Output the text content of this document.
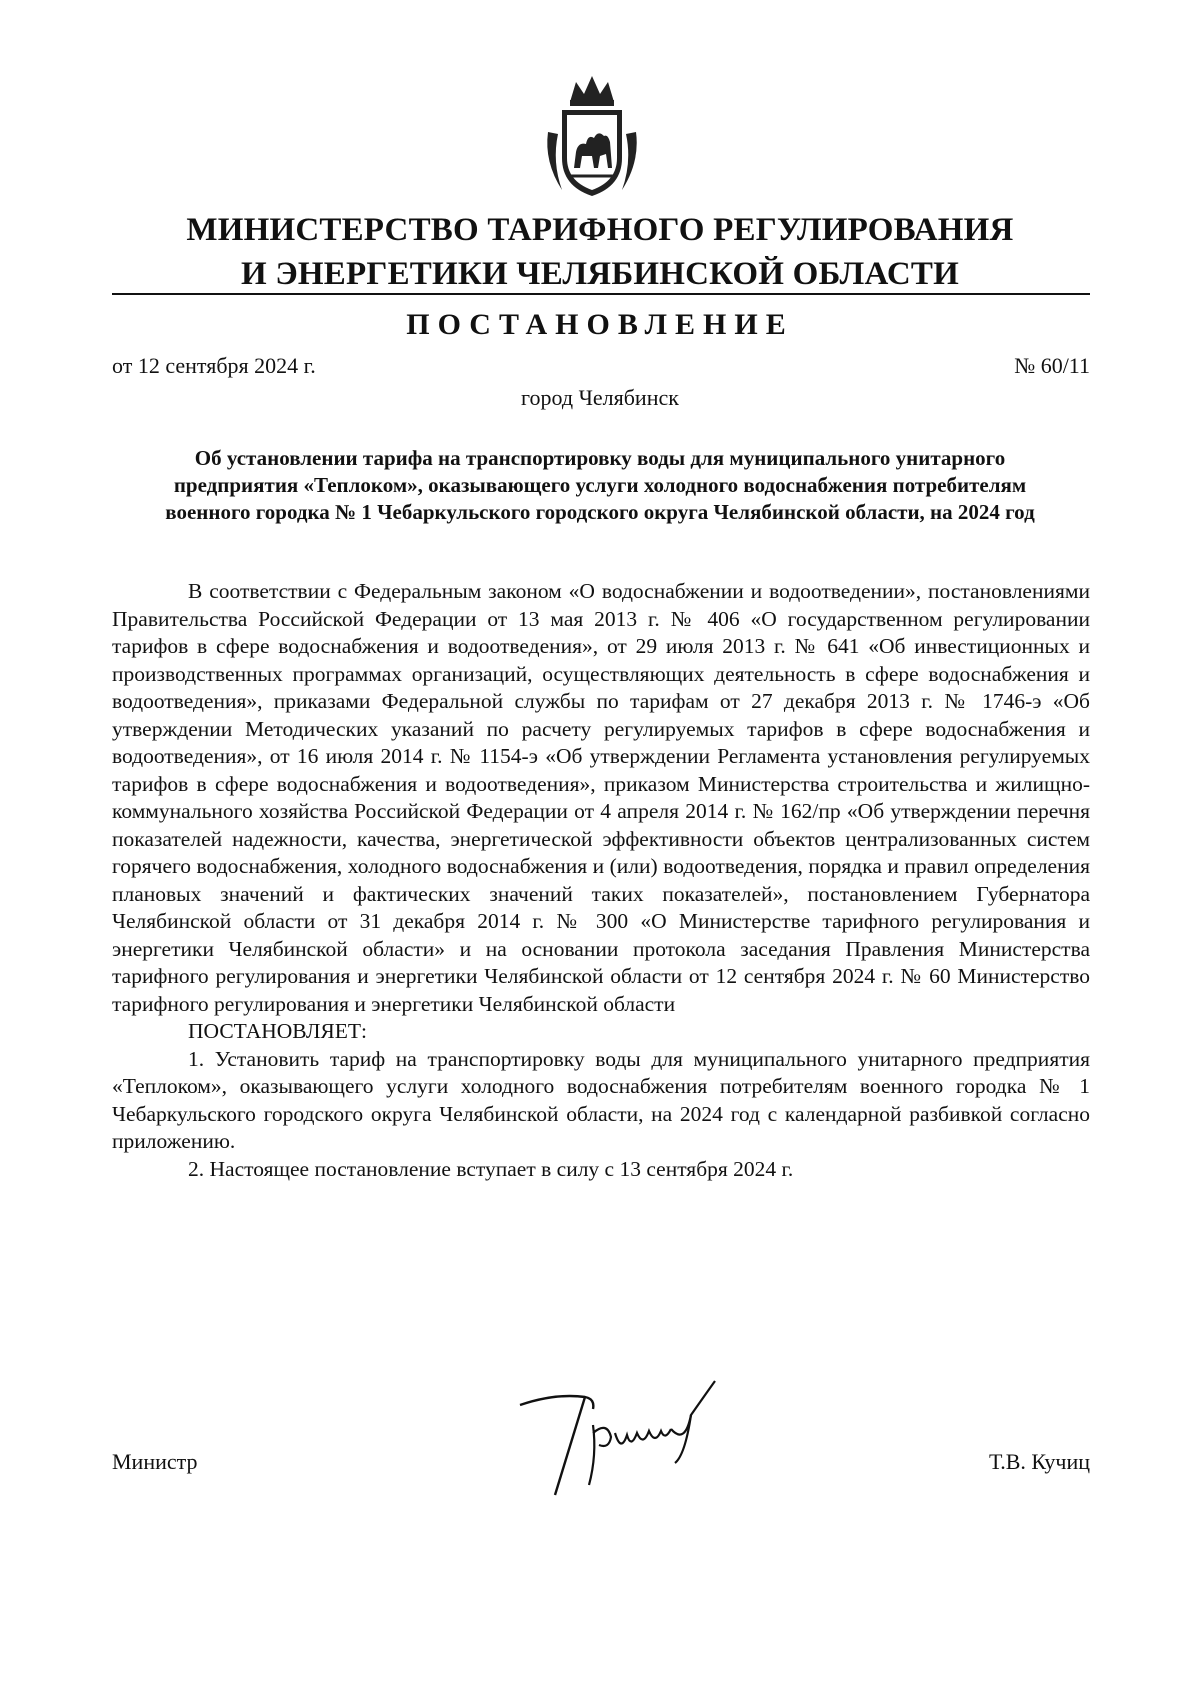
МИНИСТЕРСТВО ТАРИФНОГО РЕГУЛИРОВАНИЯ
И ЭНЕРГЕТИКИ ЧЕЛЯБИНСКОЙ ОБЛАСТИ
ПОСТАНОВЛЕНИЕ
от 12 сентября 2024 г.	№ 60/11
город Челябинск
Об установлении тарифа на транспортировку воды для муниципального унитарного предприятия «Теплоком», оказывающего услуги холодного водоснабжения потребителям военного городка № 1 Чебаркульского городского округа Челябинской области, на 2024 год

В соответствии с Федеральным законом «О водоснабжении и водоотведении», постановлениями Правительства Российской Федерации от 13 мая 2013 г. № 406 «О государственном регулировании тарифов в сфере водоснабжения и водоотведения», от 29 июля 2013 г. № 641 «Об инвестиционных и производственных программах организаций, осуществляющих деятельность в сфере водоснабжения и водоотведения», приказами Федеральной службы по тарифам от 27 декабря 2013 г. № 1746-э «Об утверждении Методических указаний по расчету регулируемых тарифов в сфере водоснабжения и водоотведения», от 16 июля 2014 г. № 1154-э «Об утверждении Регламента установления регулируемых тарифов в сфере водоснабжения и водоотведения», приказом Министерства строительства и жилищно-коммунального хозяйства Российской Федерации от 4 апреля 2014 г. № 162/пр «Об утверждении перечня показателей надежности, качества, энергетической эффективности объектов централизованных систем горячего водоснабжения, холодного водоснабжения и (или) водоотведения, порядка и правил определения плановых значений и фактических значений таких показателей», постановлением Губернатора Челябинской области от 31 декабря 2014 г. № 300 «О Министерстве тарифного регулирования и энергетики Челябинской области» и на основании протокола заседания Правления Министерства тарифного регулирования и энергетики Челябинской области от 12 сентября 2024 г. № 60 Министерство тарифного регулирования и энергетики Челябинской области

ПОСТАНОВЛЯЕТ:

1. Установить тариф на транспортировку воды для муниципального унитарного предприятия «Теплоком», оказывающего услуги холодного водоснабжения потребителям военного городка № 1 Чебаркульского городского округа Челябинской области, на 2024 год с календарной разбивкой согласно приложению.

2. Настоящее постановление вступает в силу с 13 сентября 2024 г.

Министр	Т.В. Кучиц
